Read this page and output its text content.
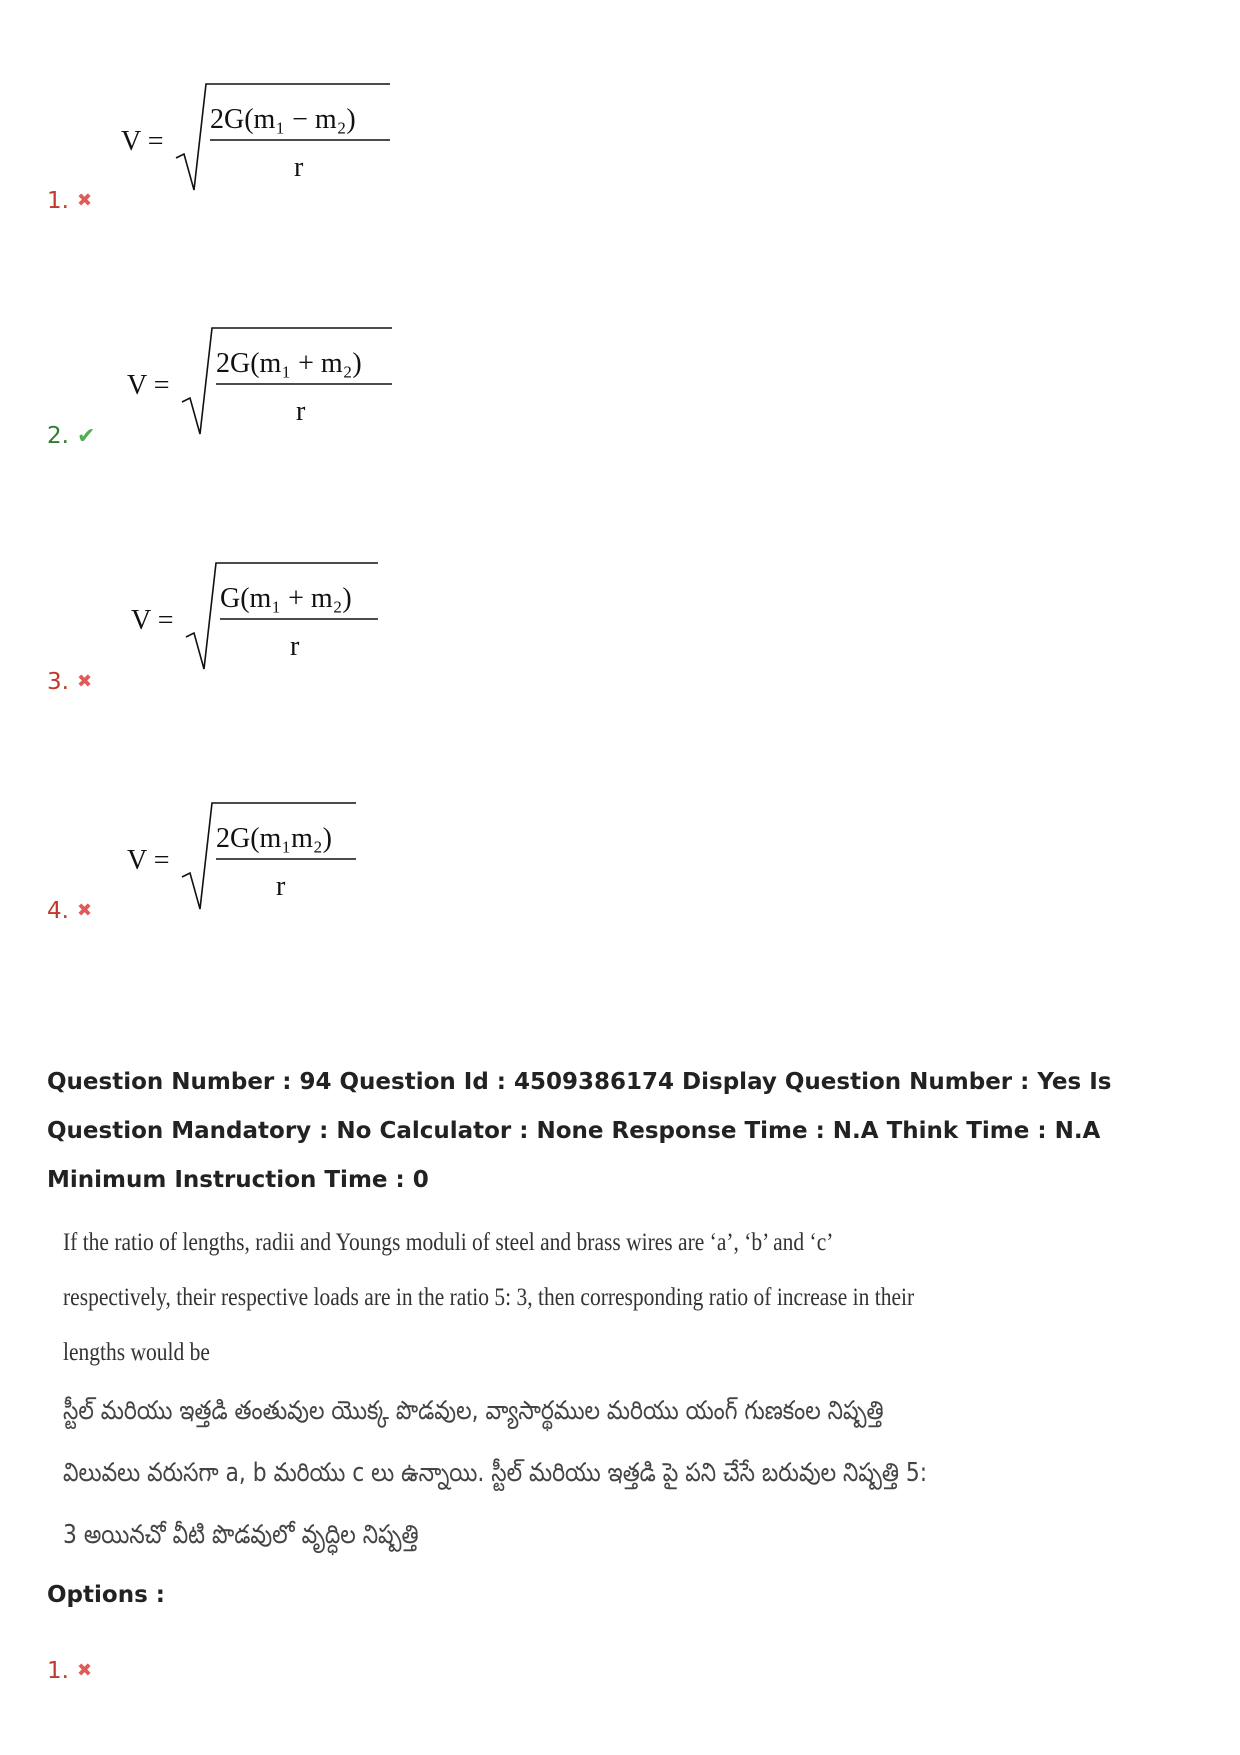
V =
2G(m₁ − m₂)
r
1. ✖
V =
2G(m₁ + m₂)
r
2. ✔
V =
G(m₁ + m₂)
r
3. ✖
V =
2G(m₁m₂)
r
4. ✖
Question Number : 94 Question Id : 4509386174 Display Question Number : Yes Is Question Mandatory : No Calculator : None Response Time : N.A Think Time : N.A Minimum Instruction Time : 0
If the ratio of lengths, radii and Youngs moduli of steel and brass wires are ‘a’, ‘b’ and ‘c’ respectively, their respective loads are in the ratio 5: 3, then corresponding ratio of increase in their lengths would be
స్టీల్ మరియు ఇత్తడి తంతువుల యొక్క పొడవుల, వ్యాసార్థముల మరియు యంగ్ గుణకంల నిష్పత్తి విలువలు వరుసగా a, b మరియు c లు ఉన్నాయి. స్టీల్ మరియు ఇత్తడి పై పని చేసే బరువుల నిష్పత్తి 5: 3 అయినచో వీటి పొడవులో వృద్ధిల నిష్పత్తి
Options :
1. ✖
